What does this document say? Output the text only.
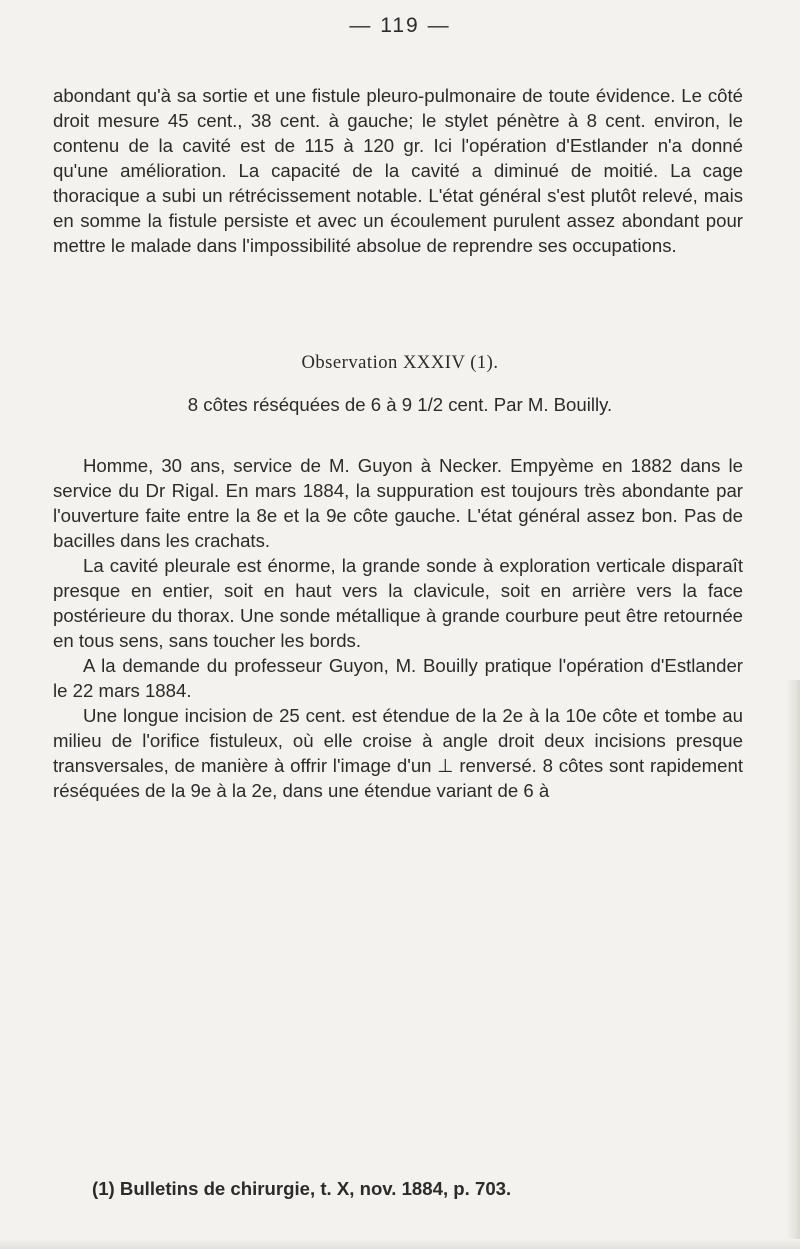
— 119 —

abondant qu'à sa sortie et une fistule pleuro-pulmonaire de toute évidence. Le côté droit mesure 45 cent., 38 cent. à gauche; le stylet pénètre à 8 cent. environ, le contenu de la cavité est de 115 à 120 gr. Ici l'opération d'Estlander n'a donné qu'une amélioration. La capacité de la cavité a diminué de moitié. La cage thoracique a subi un rétrécissement notable. L'état général s'est plutôt relevé, mais en somme la fistule persiste et avec un écoulement purulent assez abondant pour mettre le malade dans l'impossibilité absolue de reprendre ses occupations.

Observation XXXIV (1).
8 côtes réséquées de 6 à 9 1/2 cent. Par M. Bouilly.

Homme, 30 ans, service de M. Guyon à Necker. Empyème en 1882 dans le service du Dr Rigal. En mars 1884, la suppuration est toujours très abondante par l'ouverture faite entre la 8e et la 9e côte gauche. L'état général assez bon. Pas de bacilles dans les crachats.

La cavité pleurale est énorme, la grande sonde à exploration verticale disparaît presque en entier, soit en haut vers la clavicule, soit en arrière vers la face postérieure du thorax. Une sonde métallique à grande courbure peut être retournée en tous sens, sans toucher les bords.

A la demande du professeur Guyon, M. Bouilly pratique l'opération d'Estlander le 22 mars 1884.

Une longue incision de 25 cent. est étendue de la 2e à la 10e côte et tombe au milieu de l'orifice fistuleux, où elle croise à angle droit deux incisions presque transversales, de manière à offrir l'image d'un ⊥ renversé. 8 côtes sont rapidement réséquées de la 9e à la 2e, dans une étendue variant de 6 à

(1) Bulletins de chirurgie, t. X, nov. 1884, p. 703.
